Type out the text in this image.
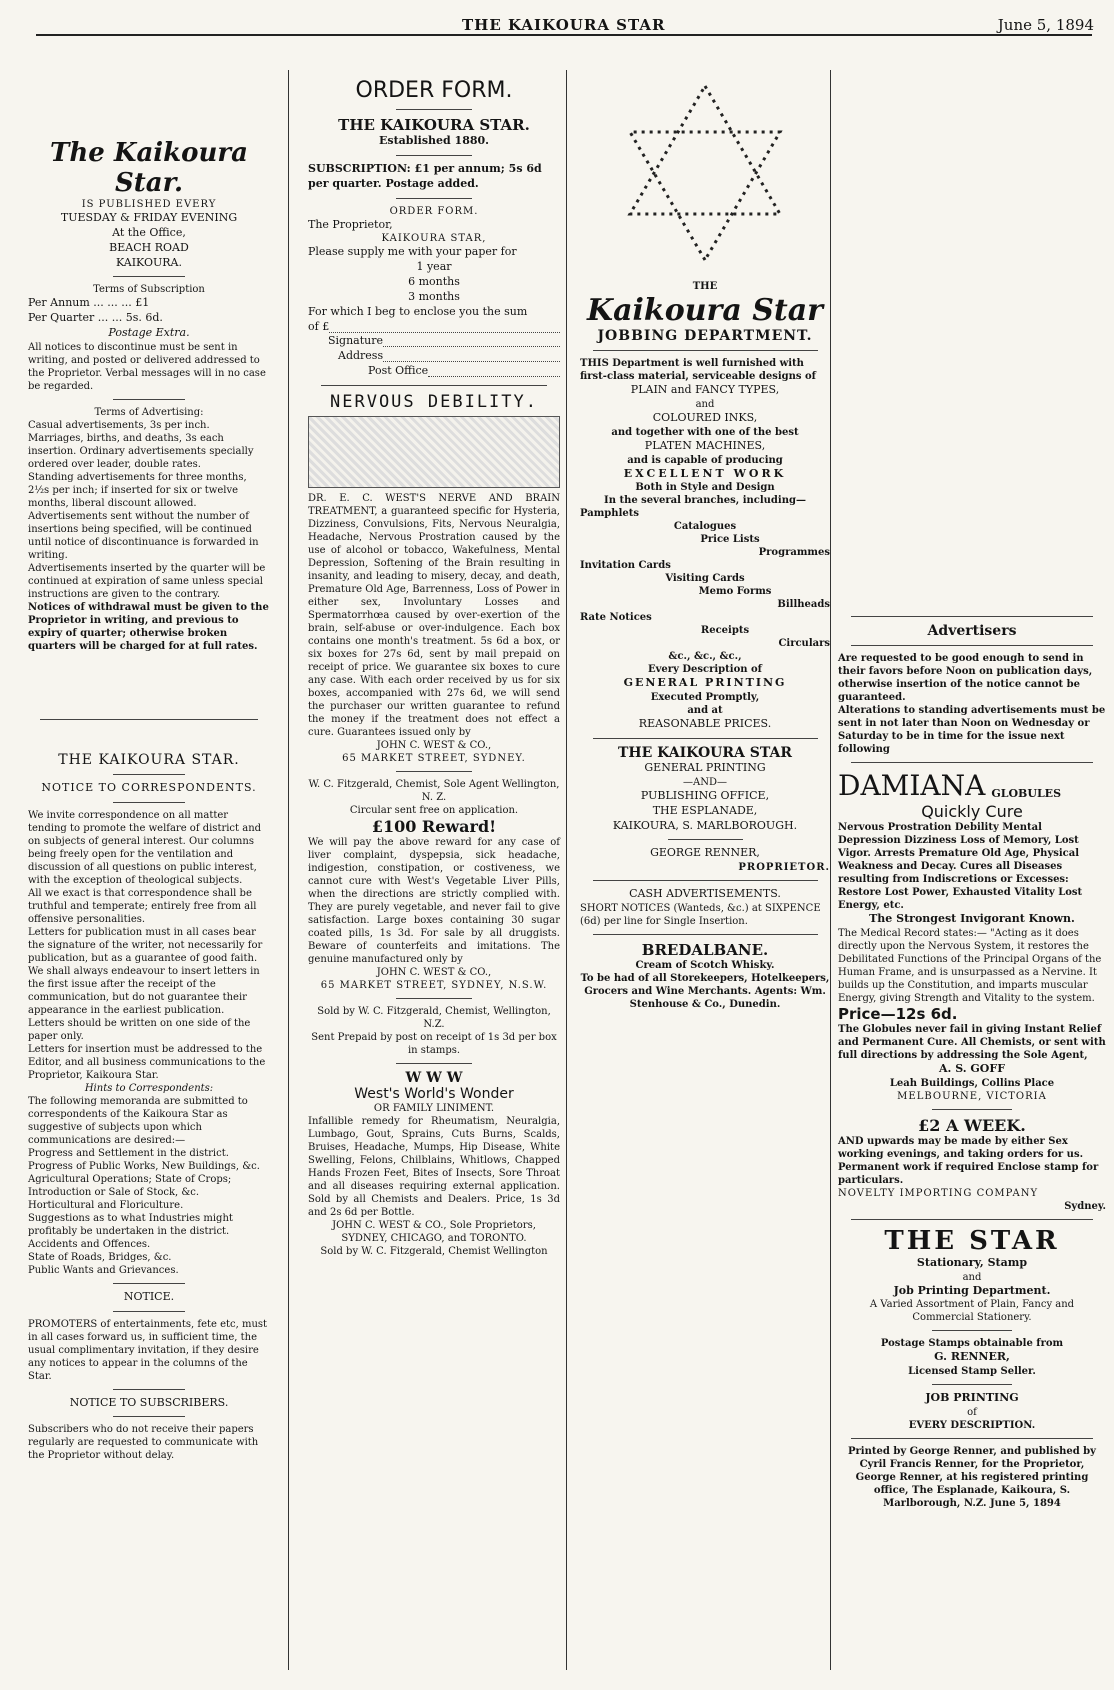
THE KAIKOURA STAR	June 5, 1894
The Kaikoura Star.
IS PUBLISHED EVERY
TUESDAY & FRIDAY EVENING
At the Office,
BEACH ROAD
KAIKOURA.
Terms of Subscription
Per Annum ... ... ... £1
Per Quarter ... ... 5s. 6d.
Postage Extra.

All notices to discontinue must be sent in writing, and posted or delivered addressed to the Proprietor. Verbal messages will in no case be regarded.

Terms of Advertising:

Casual advertisements, 3s per inch.

Marriages, births, and deaths, 3s each insertion. Ordinary advertisements specially ordered over leader, double rates.

Standing advertisements for three months, 2½s per inch; if inserted for six or twelve months, liberal discount allowed.

Advertisements sent without the number of insertions being specified, will be continued until notice of discontinuance is forwarded in writing.

Advertisements inserted by the quarter will be continued at expiration of same unless special instructions are given to the contrary.

Notices of withdrawal must be given to the Proprietor in writing, and previous to expiry of quarter; otherwise broken quarters will be charged for at full rates.

THE KAIKOURA STAR.
NOTICE TO CORRESPONDENTS.

We invite correspondence on all matter tending to promote the welfare of district and on subjects of general interest. Our columns being freely open for the ventilation and discussion of all questions on public interest, with the exception of theological subjects.

All we exact is that correspondence shall be truthful and temperate; entirely free from all offensive personalities.

Letters for publication must in all cases bear the signature of the writer, not necessarily for publication, but as a guarantee of good faith.

We shall always endeavour to insert letters in the first issue after the receipt of the communication, but do not guarantee their appearance in the earliest publication.

Letters should be written on one side of the paper only.

Letters for insertion must be addressed to the Editor, and all business communications to the Proprietor, Kaikoura Star.

Hints to Correspondents:

The following memoranda are submitted to correspondents of the Kaikoura Star as suggestive of subjects upon which communications are desired:—

Progress and Settlement in the district.
Progress of Public Works, New Buildings, &c.
Agricultural Operations; State of Crops; Introduction or Sale of Stock, &c.
Horticultural and Floriculture.
Suggestions as to what Industries might profitably be undertaken in the district.
Accidents and Offences.
State of Roads, Bridges, &c.
Public Wants and Grievances.
NOTICE.

PROMOTERS of entertainments, fete etc, must in all cases forward us, in sufficient time, the usual complimentary invitation, if they desire any notices to appear in the columns of the Star.

NOTICE TO SUBSCRIBERS.

Subscribers who do not receive their papers regularly are requested to communicate with the Proprietor without delay.

ORDER FORM.
THE KAIKOURA STAR.
Established 1880.

SUBSCRIPTION: £1 per annum; 5s 6d per quarter. Postage added.

ORDER FORM.
The Proprietor,
KAIKOURA STAR,
Please supply me with your paper for
1 year
6 months
3 months
For which I beg to enclose you the sum
of £
Signature
Address
Post Office
NERVOUS DEBILITY.

DR. E. C. WEST'S NERVE AND BRAIN TREATMENT, a guaranteed specific for Hysteria, Dizziness, Convulsions, Fits, Nervous Neuralgia, Headache, Nervous Prostration caused by the use of alcohol or tobacco, Wakefulness, Mental Depression, Softening of the Brain resulting in insanity, and leading to misery, decay, and death, Premature Old Age, Barrenness, Loss of Power in either sex, Involuntary Losses and Spermatorrhœa caused by over-exertion of the brain, self-abuse or over-indulgence. Each box contains one month's treatment. 5s 6d a box, or six boxes for 27s 6d, sent by mail prepaid on receipt of price. We guarantee six boxes to cure any case. With each order received by us for six boxes, accompanied with 27s 6d, we will send the purchaser our written guarantee to refund the money if the treatment does not effect a cure. Guarantees issued only by

JOHN C. WEST & CO.,
65 MARKET STREET, SYDNEY.
W. C. Fitzgerald, Chemist, Sole Agent Wellington, N. Z.
Circular sent free on application.
£100 Reward!

We will pay the above reward for any case of liver complaint, dyspepsia, sick headache, indigestion, constipation, or costiveness, we cannot cure with West's Vegetable Liver Pills, when the directions are strictly complied with. They are purely vegetable, and never fail to give satisfaction. Large boxes containing 30 sugar coated pills, 1s 3d. For sale by all druggists. Beware of counterfeits and imitations. The genuine manufactured only by

JOHN C. WEST & CO.,
65 MARKET STREET, SYDNEY, N.S.W.
Sold by W. C. Fitzgerald, Chemist, Wellington, N.Z.
Sent Prepaid by post on receipt of 1s 3d per box in stamps.
W W W
West's World's Wonder
OR FAMILY LINIMENT.

Infallible remedy for Rheumatism, Neuralgia, Lumbago, Gout, Sprains, Cuts Burns, Scalds, Bruises, Headache, Mumps, Hip Disease, White Swelling, Felons, Chilblains, Whitlows, Chapped Hands Frozen Feet, Bites of Insects, Sore Throat and all diseases requiring external application. Sold by all Chemists and Dealers. Price, 1s 3d and 2s 6d per Bottle.

JOHN C. WEST & CO., Sole Proprietors, SYDNEY, CHICAGO, and TORONTO.
Sold by W. C. Fitzgerald, Chemist Wellington
THE
Kaikoura Star
JOBBING DEPARTMENT.

THIS Department is well furnished with first-class material, serviceable designs of

PLAIN and FANCY TYPES,
and
COLOURED INKS,
and together with one of the best
PLATEN MACHINES,
and is capable of producing
EXCELLENT WORK
Both in Style and Design
In the several branches, including—
Pamphlets
Catalogues
Price Lists
Programmes
Invitation Cards
Visiting Cards
Memo Forms
Billheads
Rate Notices
Receipts
Circulars
&c., &c., &c.,
Every Description of
GENERAL PRINTING
Executed Promptly,
and at
REASONABLE PRICES.
THE KAIKOURA STAR
GENERAL PRINTING
—AND—
PUBLISHING OFFICE,
THE ESPLANADE,
KAIKOURA, S. MARLBOROUGH.
GEORGE RENNER,
PROPRIETOR.
CASH ADVERTISEMENTS.

SHORT NOTICES (Wanteds, &c.) at SIXPENCE (6d) per line for Single Insertion.

BREDALBANE.
Cream of Scotch Whisky.

To be had of all Storekeepers, Hotelkeepers, Grocers and Wine Merchants. Agents: Wm. Stenhouse & Co., Dunedin.

Advertisers

Are requested to be good enough to send in their favors before Noon on publication days, otherwise insertion of the notice cannot be guaranteed.

Alterations to standing advertisements must be sent in not later than Noon on Wednesday or Saturday to be in time for the issue next following

DAMIANA GLOBULES
Quickly Cure

Nervous Prostration Debility Mental Depression Dizziness Loss of Memory, Lost Vigor. Arrests Premature Old Age, Physical Weakness and Decay. Cures all Diseases resulting from Indiscretions or Excesses: Restore Lost Power, Exhausted Vitality Lost Energy, etc.

The Strongest Invigorant Known.

The Medical Record states:— "Acting as it does directly upon the Nervous System, it restores the Debilitated Functions of the Principal Organs of the Human Frame, and is unsurpassed as a Nervine. It builds up the Constitution, and imparts muscular Energy, giving Strength and Vitality to the system.

Price—12s 6d.

The Globules never fail in giving Instant Relief and Permanent Cure. All Chemists, or sent with full directions by addressing the Sole Agent,

A. S. GOFF
Leah Buildings, Collins Place
MELBOURNE, VICTORIA
£2 A WEEK.

AND upwards may be made by either Sex working evenings, and taking orders for us. Permanent work if required Enclose stamp for particulars.

NOVELTY IMPORTING COMPANY
Sydney.
THE STAR
Stationary, Stamp
and
Job Printing Department.

A Varied Assortment of Plain, Fancy and Commercial Stationery.

Postage Stamps obtainable from
G. RENNER,
Licensed Stamp Seller.
JOB PRINTING
of
EVERY DESCRIPTION.

Printed by George Renner, and published by Cyril Francis Renner, for the Proprietor, George Renner, at his registered printing office, The Esplanade, Kaikoura, S. Marlborough, N.Z. June 5, 1894
